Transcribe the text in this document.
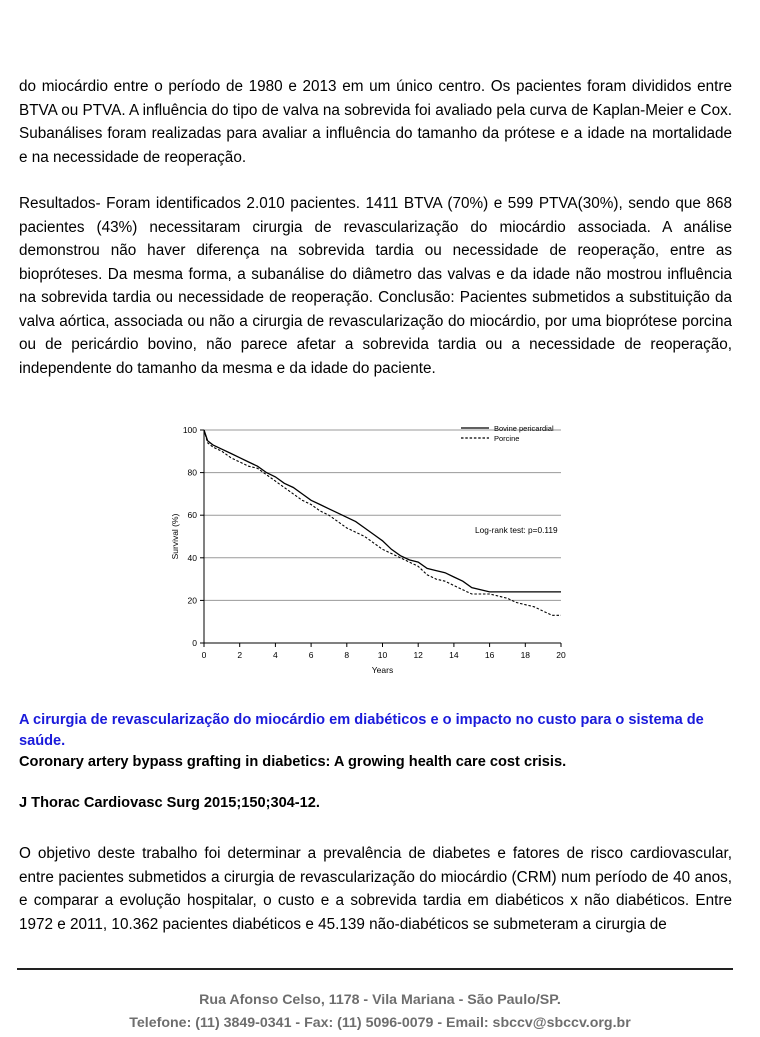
do miocárdio entre o período de 1980 e 2013 em um único centro. Os pacientes foram divididos entre BTVA ou PTVA. A influência do tipo de valva na sobrevida foi avaliado pela curva de Kaplan-Meier e Cox. Subanálises foram realizadas para avaliar a influência do tamanho da prótese e a idade na mortalidade e na necessidade de reoperação.

Resultados- Foram identificados 2.010 pacientes. 1411 BTVA (70%) e 599 PTVA(30%), sendo que 868 pacientes (43%) necessitaram cirurgia de revascularização do miocárdio associada. A análise demonstrou não haver diferença na sobrevida tardia ou necessidade de reoperação, entre as biopróteses. Da mesma forma, a subanálise do diâmetro das valvas e da idade não mostrou influência na sobrevida tardia ou necessidade de reoperação. Conclusão: Pacientes submetidos a substituição da valva aórtica, associada ou não a cirurgia de revascularização do miocárdio, por uma bioprótese porcina ou de pericárdio bovino, não parece afetar a sobrevida tardia ou a necessidade de reoperação, independente do tamanho da mesma e da idade do paciente.

0
20
40
60
80
100
0	2	4	6	8	10	12	14	16	18	20
Years
Survival (%)
Bovine pericardial
Porcine
Log-rank test: p=0.119

A cirurgia de revascularização do miocárdio em diabéticos e o impacto no custo para o sistema de saúde.

Coronary artery bypass grafting in diabetics: A growing health care cost crisis.

J Thorac Cardiovasc Surg 2015;150;304-12.

O objetivo deste trabalho foi determinar a prevalência de diabetes e fatores de risco cardiovascular, entre pacientes submetidos a cirurgia de revascularização do miocárdio (CRM) num período de 40 anos, e comparar a evolução hospitalar, o custo e a sobrevida tardia em diabéticos x não diabéticos. Entre 1972 e 2011, 10.362 pacientes diabéticos e 45.139 não-diabéticos se submeteram a cirurgia de

Rua Afonso Celso, 1178 - Vila Mariana - São Paulo/SP.

Telefone: (11) 3849-0341 - Fax: (11) 5096-0079 - Email: sbccv@sbccv.org.br
